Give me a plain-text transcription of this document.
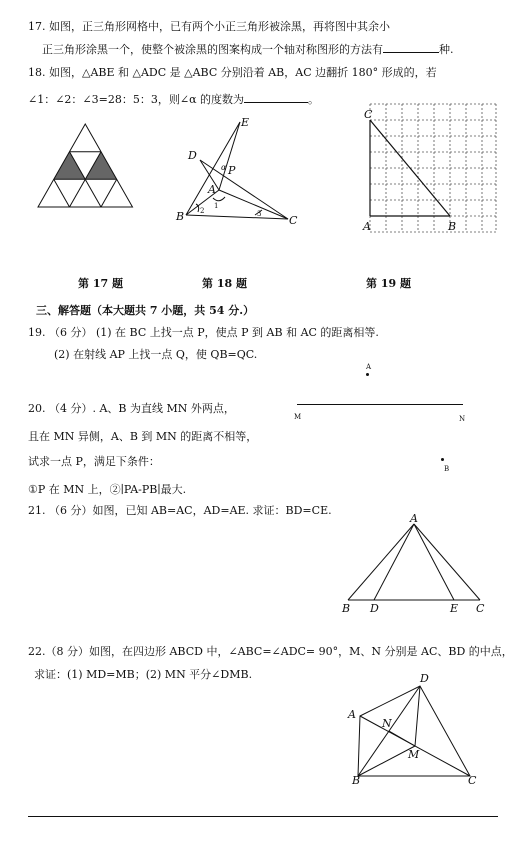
17. 如图，正三角形网格中，已有两个小正三角形被涂黑，再将图中其余小
正三角形涂黑一个，使整个被涂黑的图案构成一个轴对称图形的方法有	种.
18. 如图，△ABE 和 △ADC 是 △ABC 分别沿着 AB，AC 边翻折 180° 形成的，若
∠1：∠2：∠3=28：5：3，则∠α 的度数为	。
E
D
P
α
A
B	C
1
2	3
C
A	B
第 17 题	第 18 题	第 19 题
三、解答题（本大题共 7 小题，共 54 分.）
19. （6 分） (1) 在 BC 上找一点 P，使点 P 到 AB 和 AC 的距离相等.
(2) 在射线 AP 上找一点 Q，使 QB=QC.
A
20. （4 分）. A、B 为直线 MN 外两点，
且在 MN 异侧，A、B 到 MN 的距离不相等，
试求一点 P，满足下条件：
①P 在 MN 上，②∣PA-PB∣最大.
M	N
B
21. （6 分）如图，已知 AB=AC，AD=AE. 求证：BD=CE.
A
B D	E C
22.（8 分）如图，在四边形 ABCD 中，∠ABC=∠ADC= 90°，M、N 分别是 AC、BD 的中点，
求证：(1) MD=MB；(2) MN 平分∠DMB.	D
A
N
M
B	C
